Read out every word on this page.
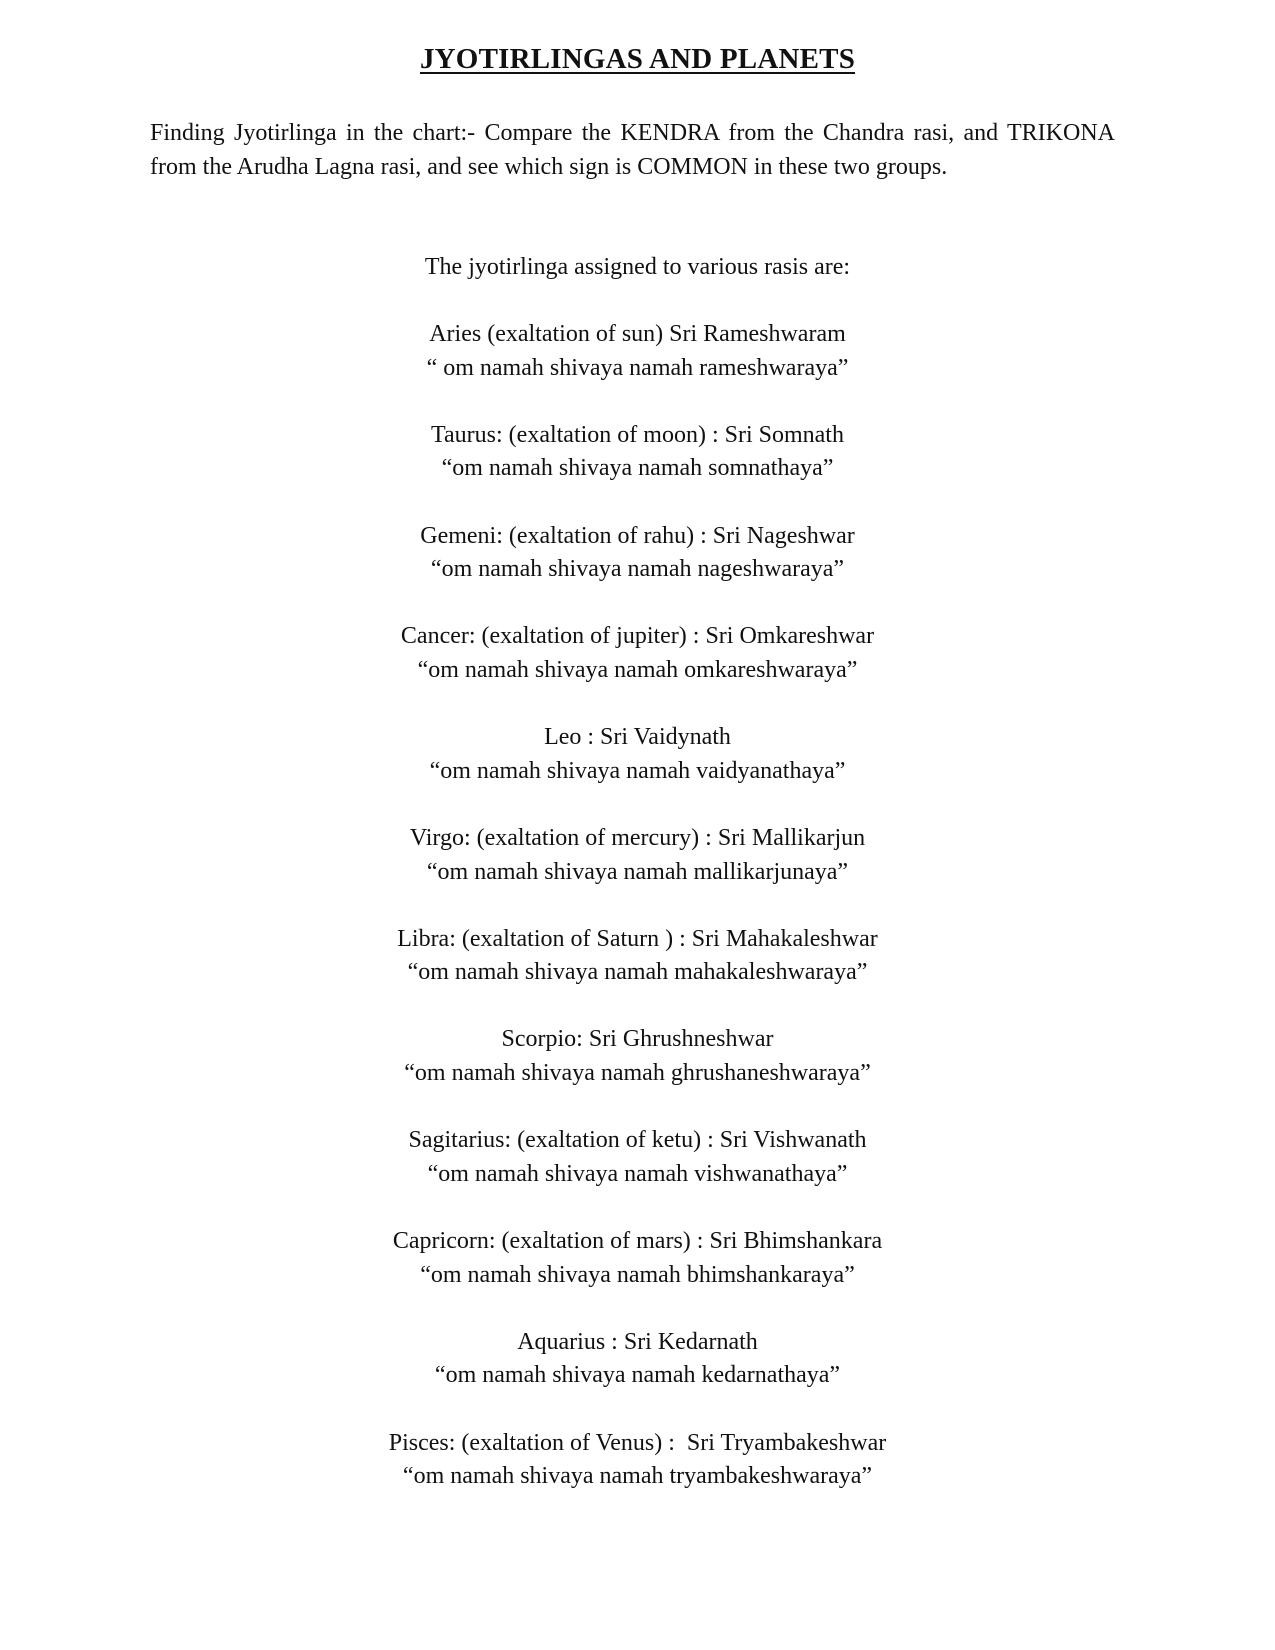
JYOTIRLINGAS AND PLANETS

Finding Jyotirlinga in the chart:- Compare the KENDRA from the Chandra rasi, and TRIKONA from the Arudha Lagna rasi, and see which sign is COMMON in these two groups.

The jyotirlinga assigned to various rasis are:

Aries (exaltation of sun) Sri Rameshwaram
“ om namah shivaya namah rameshwaraya”
Taurus: (exaltation of moon) : Sri Somnath
“om namah shivaya namah somnathaya”
Gemeni: (exaltation of rahu) : Sri Nageshwar
“om namah shivaya namah nageshwaraya”
Cancer: (exaltation of jupiter) : Sri Omkareshwar
“om namah shivaya namah omkareshwaraya”
Leo : Sri Vaidynath
“om namah shivaya namah vaidyanathaya”
Virgo: (exaltation of mercury) : Sri Mallikarjun
“om namah shivaya namah mallikarjunaya”
Libra: (exaltation of Saturn ) : Sri Mahakaleshwar
“om namah shivaya namah mahakaleshwaraya”
Scorpio: Sri Ghrushneshwar
“om namah shivaya namah ghrushaneshwaraya”
Sagitarius: (exaltation of ketu) : Sri Vishwanath
“om namah shivaya namah vishwanathaya”
Capricorn: (exaltation of mars) : Sri Bhimshankara
“om namah shivaya namah bhimshankaraya”
Aquarius : Sri Kedarnath
“om namah shivaya namah kedarnathaya”
Pisces: (exaltation of Venus) :  Sri Tryambakeshwar
“om namah shivaya namah tryambakeshwaraya”
